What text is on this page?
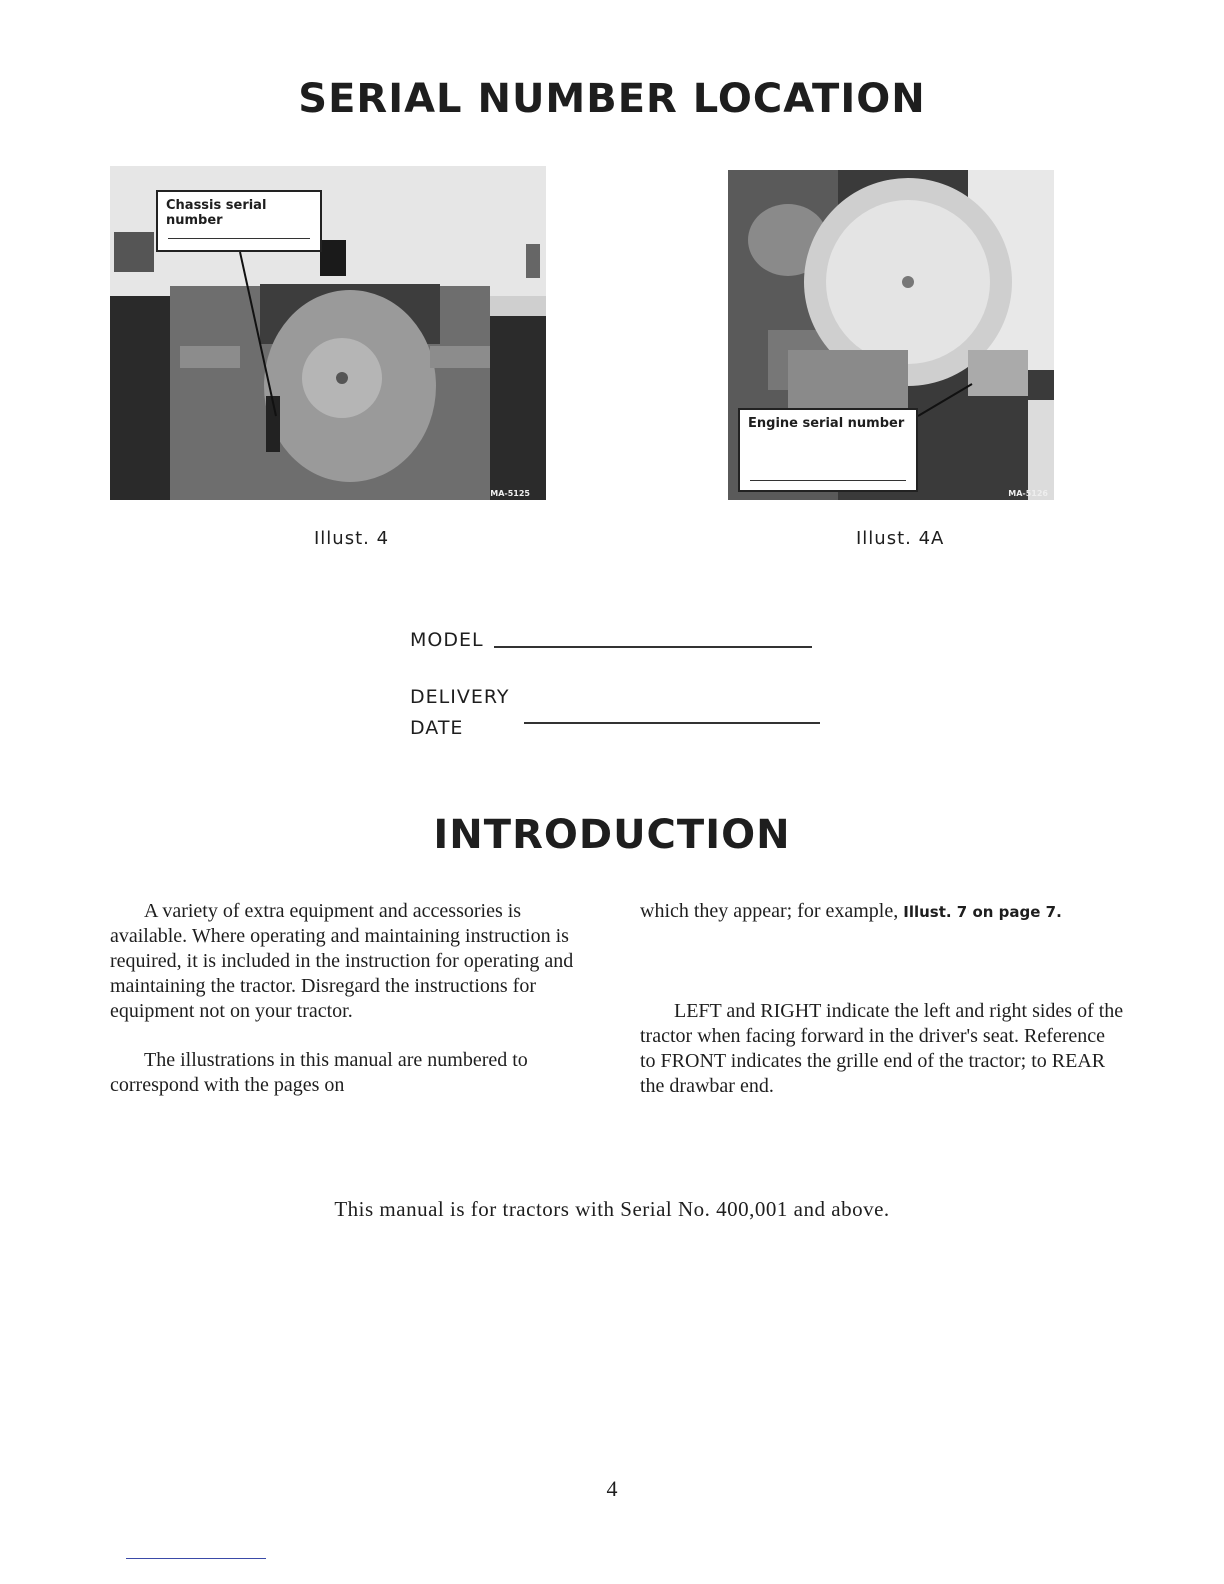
SERIAL NUMBER LOCATION
Chassis serial number
MA-5125
Engine serial number
MA-5126
Illust. 4	Illust. 4A
MODEL
DELIVERY
DATE
INTRODUCTION

A variety of extra equipment and accessories is available. Where operating and maintaining instruction is required, it is included in the instruction for operating and maintaining the tractor. Disregard the instructions for equipment not on your tractor.

The illustrations in this manual are numbered to correspond with the pages on

which they appear; for example, Illust. 7 on page 7.

LEFT and RIGHT indicate the left and right sides of the tractor when facing forward in the driver's seat. Reference to FRONT indicates the grille end of the tractor; to REAR the drawbar end.

This manual is for tractors with Serial No. 400,001 and above.
4
